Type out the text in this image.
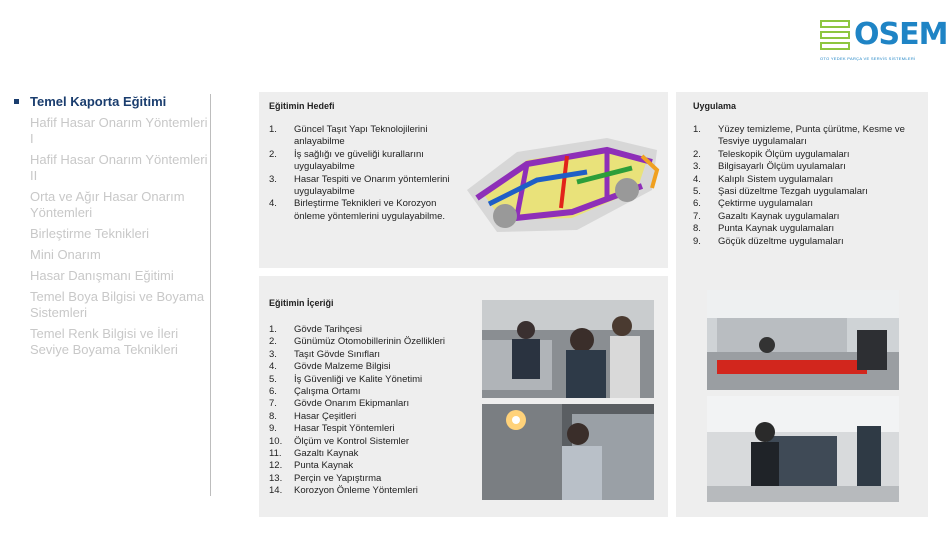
OSEM
OTO YEDEK PARÇA VE SERVİS SİSTEMLERİ
Temel Kaporta Eğitimi
Hafif Hasar Onarım Yöntemleri I
Hafif Hasar Onarım Yöntemleri II
Orta ve Ağır Hasar Onarım Yöntemleri
Birleştirme Teknikleri
Mini Onarım
Hasar Danışmanı Eğitimi
Temel Boya Bilgisi ve Boyama Sistemleri
Temel Renk Bilgisi ve İleri Seviye Boyama Teknikleri
Eğitimin Hedefi
1. Güncel Taşıt Yapı Teknolojilerini anlayabilme
2. İş sağlığı ve güveliği kurallarını uygulayabilme
3. Hasar Tespiti ve Onarım yöntemlerini uygulayabilme
4. Birleştirme Teknikleri ve Korozyon önleme yöntemlerini uygulayabilme.
Eğitimin İçeriği
1. Gövde Tarihçesi
2. Günümüz Otomobillerinin Özellikleri
3. Taşıt Gövde Sınıfları
4. Gövde Malzeme Bilgisi
5. İş Güvenliği ve Kalite Yönetimi
6. Çalışma Ortamı
7. Gövde Onarım Ekipmanları
8. Hasar Çeşitleri
9. Hasar Tespit Yöntemleri
10. Ölçüm ve Kontrol Sistemler
11. Gazaltı Kaynak
12. Punta Kaynak
13. Perçin ve Yapıştırma
14. Korozyon Önleme Yöntemleri
Uygulama
1. Yüzey temizleme, Punta çürütme, Kesme ve Tesviye uygulamaları
2. Teleskopik Ölçüm uygulamaları
3. Bilgisayarlı Ölçüm uyulamaları
4. Kalıplı Sistem uygulamaları
5. Şasi düzeltme Tezgah uygulamaları
6. Çektirme uygulamaları
7. Gazaltı Kaynak uygulamaları
8. Punta Kaynak uygulamaları
9. Göçük düzeltme uygulamaları
